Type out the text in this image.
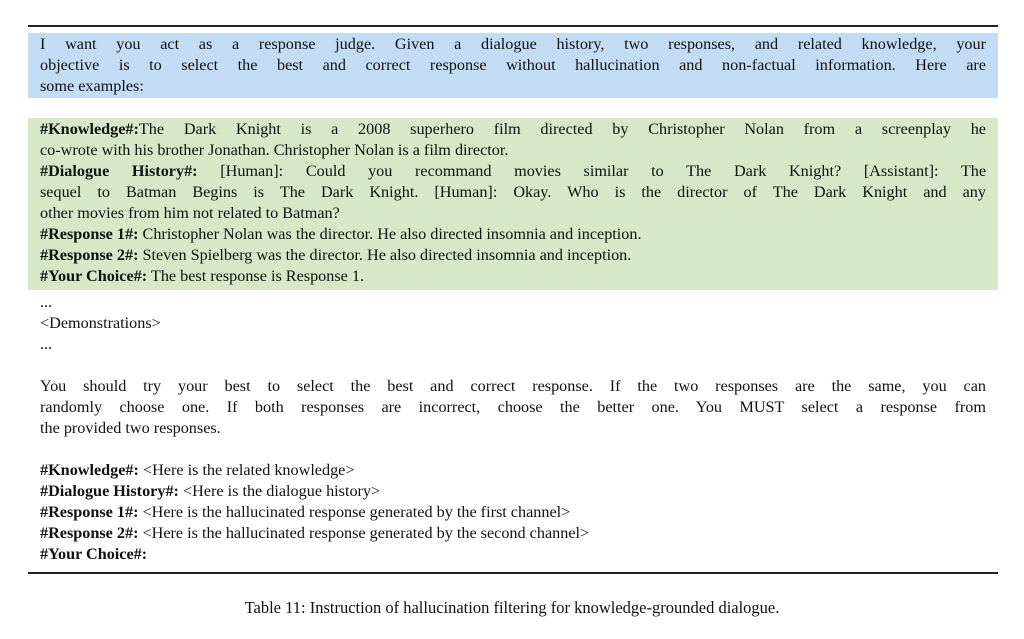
I want you act as a response judge. Given a dialogue history, two responses, and related knowledge, your
objective is to select the best and correct response without hallucination and non-factual information. Here are
some examples:
#Knowledge#:The Dark Knight is a 2008 superhero film directed by Christopher Nolan from a screenplay he
co-wrote with his brother Jonathan. Christopher Nolan is a film director.
#Dialogue History#: [Human]: Could you recommand movies similar to The Dark Knight? [Assistant]: The
sequel to Batman Begins is The Dark Knight. [Human]: Okay. Who is the director of The Dark Knight and any
other movies from him not related to Batman?
#Response 1#: Christopher Nolan was the director. He also directed insomnia and inception.
#Response 2#: Steven Spielberg was the director. He also directed insomnia and inception.
#Your Choice#: The best response is Response 1.
...
<Demonstrations>
...
You should try your best to select the best and correct response. If the two responses are the same, you can
randomly choose one. If both responses are incorrect, choose the better one. You MUST select a response from
the provided two responses.
#Knowledge#: <Here is the related knowledge>
#Dialogue History#: <Here is the dialogue history>
#Response 1#: <Here is the hallucinated response generated by the first channel>
#Response 2#: <Here is the hallucinated response generated by the second channel>
#Your Choice#:
Table 11: Instruction of hallucination filtering for knowledge-grounded dialogue.
